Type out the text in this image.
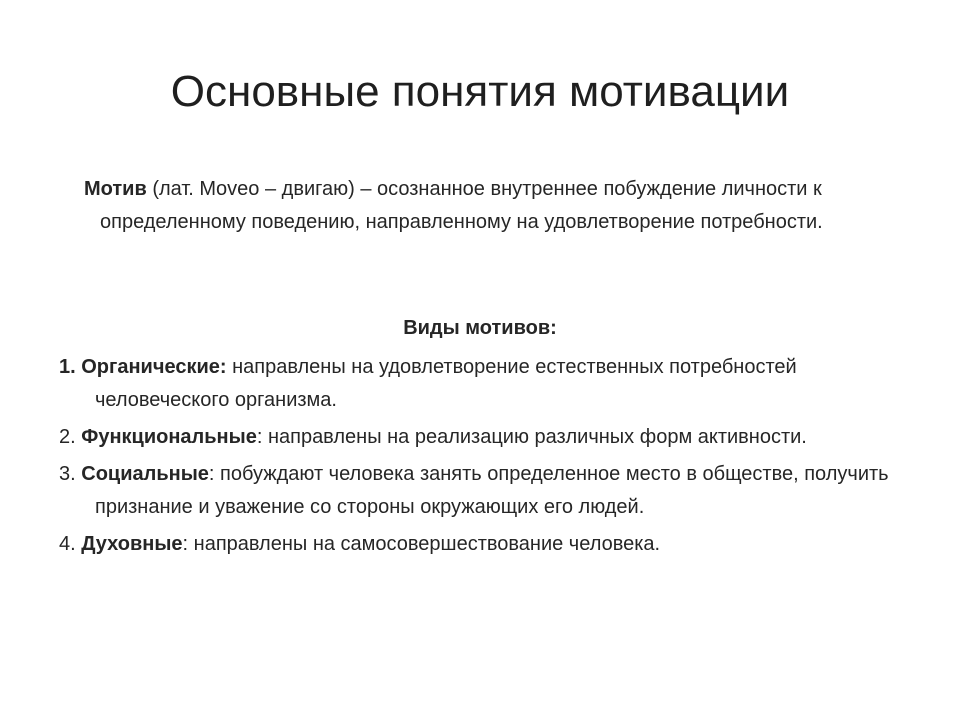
Основные понятия мотивации

Мотив (лат. Moveo – двигаю) – осознанное внутреннее побуждение личности к определенному поведению, направленному на удовлетворение потребности.

Виды мотивов:

1. Органические: направлены на удовлетворение естественных потребностей человеческого организма.
2. Функциональные: направлены на реализацию различных форм активности.
3. Социальные: побуждают человека занять определенное место в обществе, получить признание и уважение со стороны окружающих его людей.
4. Духовные: направлены на самосовершествование человека.
